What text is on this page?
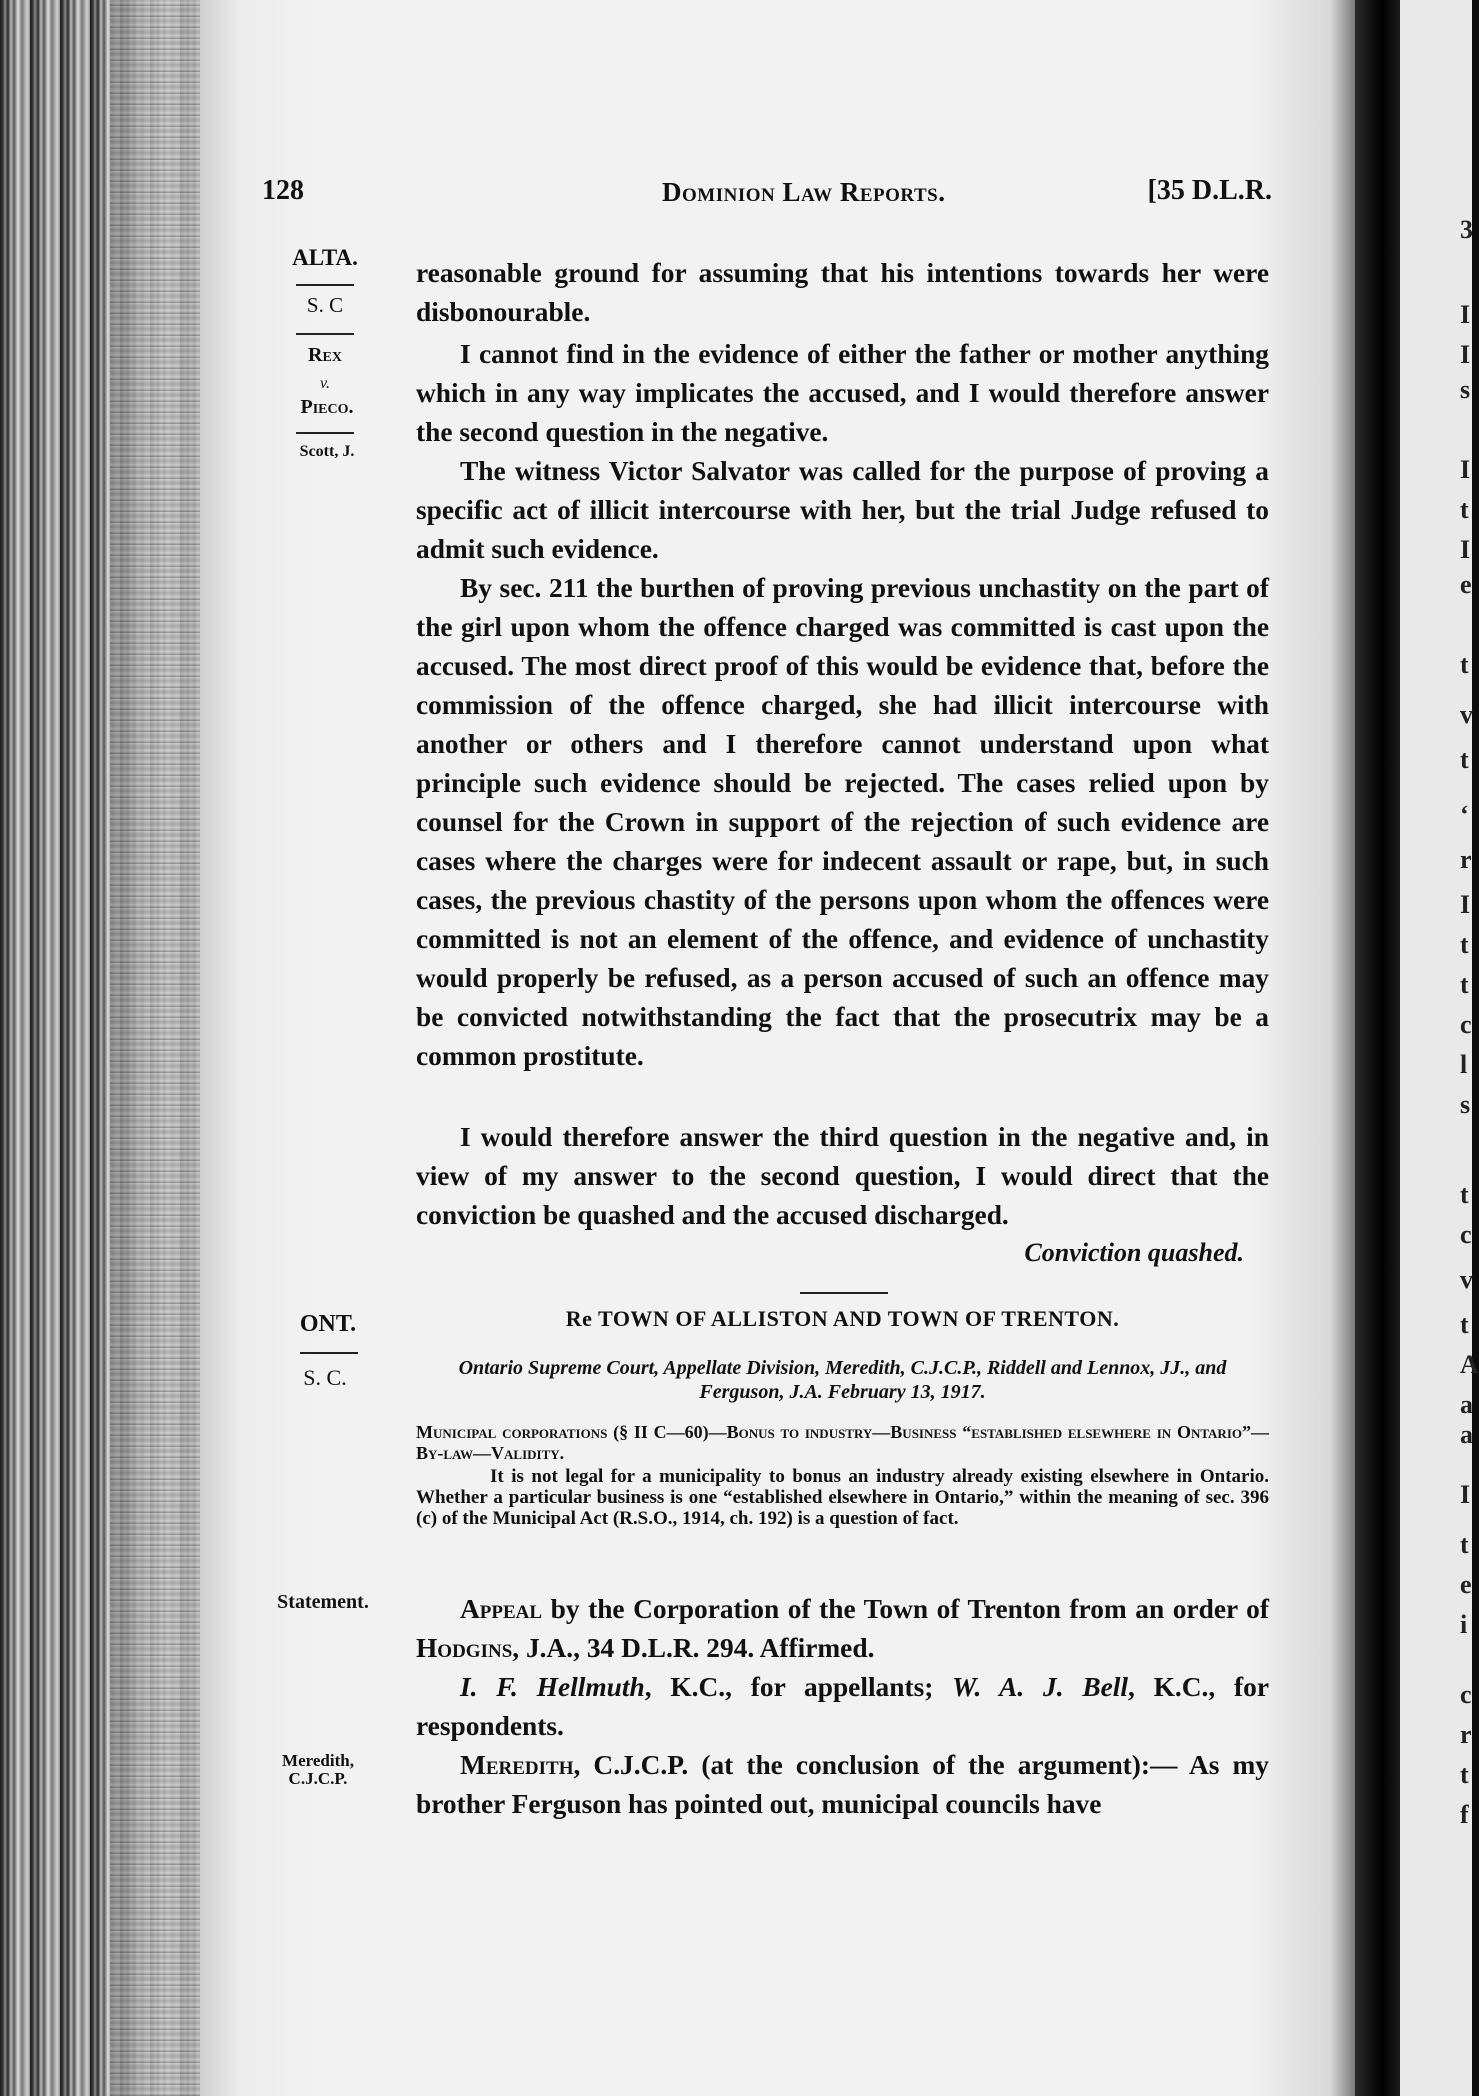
3
I
I
s
I
t
I
e
t
v
t
‘
r
I
t
t
c
l
s
t
c
v
t
A
a
a
I
t
e
i
c
r
t
f
128	Dominion Law Reports.	[35 D.L.R.
ALTA.
S. C
Rex
v.
Pieco.
Scott, J.
ONT.
S. C.
Statement.
Meredith, C.J.C.P.
reasonable ground for assuming that his intentions towards her were disbonourable.
I cannot find in the evidence of either the father or mother anything which in any way implicates the accused, and I would therefore answer the second question in the negative.
The witness Victor Salvator was called for the purpose of proving a specific act of illicit intercourse with her, but the trial Judge refused to admit such evidence.
By sec. 211 the burthen of proving previous unchastity on the part of the girl upon whom the offence charged was committed is cast upon the accused. The most direct proof of this would be evidence that, before the commission of the offence charged, she had illicit intercourse with another or others and I therefore cannot understand upon what principle such evidence should be rejected. The cases relied upon by counsel for the Crown in support of the rejection of such evidence are cases where the charges were for indecent assault or rape, but, in such cases, the previous chastity of the persons upon whom the offences were committed is not an element of the offence, and evidence of unchastity would properly be refused, as a person accused of such an offence may be convicted notwithstanding the fact that the prosecutrix may be a common prostitute.
I would therefore answer the third question in the negative and, in view of my answer to the second question, I would direct that the conviction be quashed and the accused discharged.
Conviction quashed.
Re TOWN OF ALLISTON AND TOWN OF TRENTON.
Ontario Supreme Court, Appellate Division, Meredith, C.J.C.P., Riddell and Lennox, JJ., and Ferguson, J.A. February 13, 1917.
Municipal corporations (§ II C—60)—Bonus to industry—Business “established elsewhere in Ontario”—By-law—Validity.
It is not legal for a municipality to bonus an industry already existing elsewhere in Ontario. Whether a particular business is one “established elsewhere in Ontario,” within the meaning of sec. 396 (c) of the Municipal Act (R.S.O., 1914, ch. 192) is a question of fact.
Appeal by the Corporation of the Town of Trenton from an order of Hodgins, J.A., 34 D.L.R. 294. Affirmed.
I. F. Hellmuth, K.C., for appellants; W. A. J. Bell, K.C., for respondents.
Meredith, C.J.C.P. (at the conclusion of the argument):— As my brother Ferguson has pointed out, municipal councils have
